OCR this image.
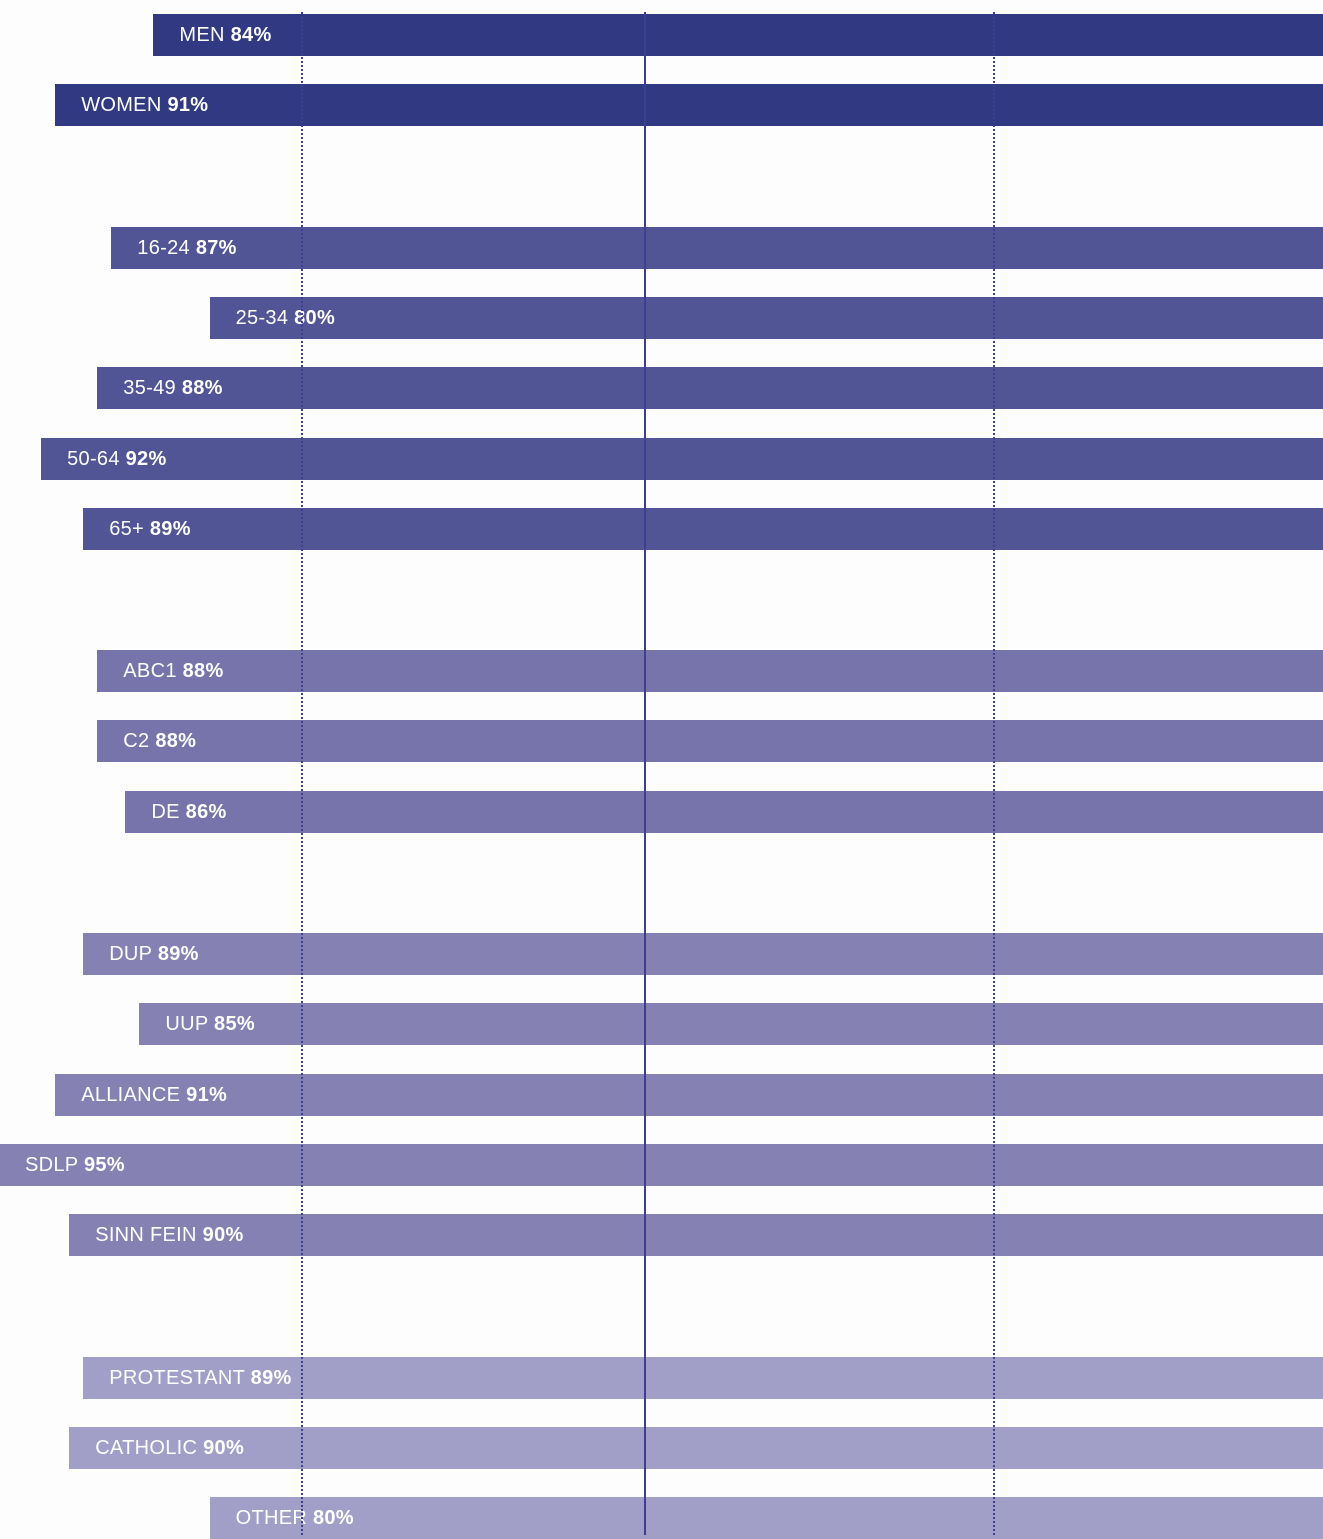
MEN 84%
WOMEN 91%
16-24 87%
25-34 80%
35-49 88%
50-64 92%
65+ 89%
ABC1 88%
C2 88%
DE 86%
DUP 89%
UUP 85%
ALLIANCE 91%
SDLP 95%
SINN FEIN 90%
PROTESTANT 89%
CATHOLIC 90%
OTHER 80%
